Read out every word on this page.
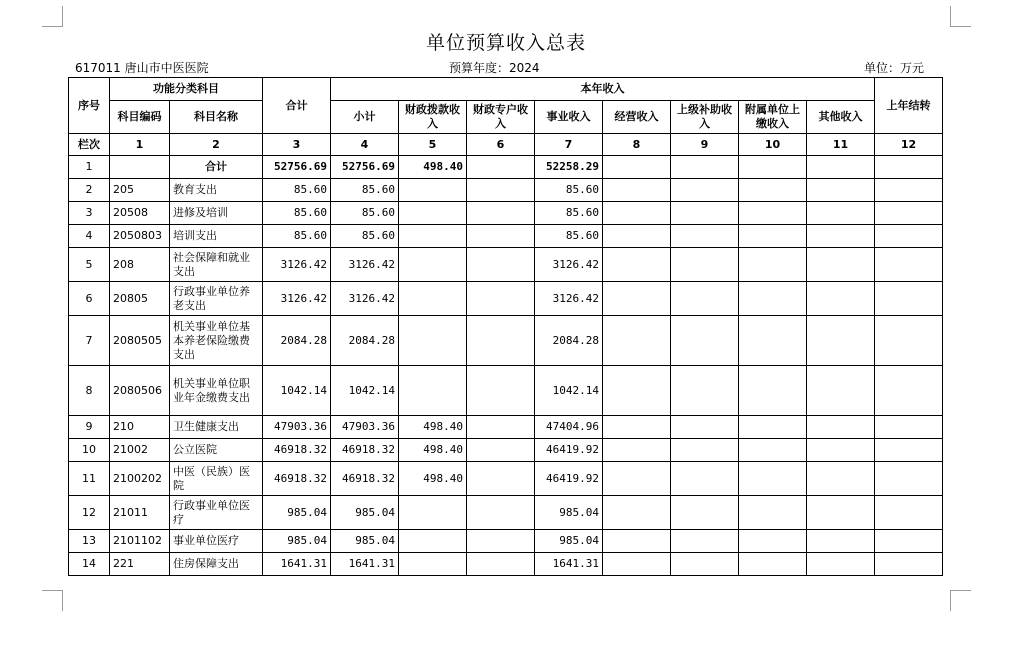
单位预算收入总表
617011 唐山市中医医院	预算年度：2024	单位：万元
序号	功能分类科目		合计	本年收入								上年结转
	科目编码	科目名称		小计	财政拨款收入	财政专户收入	事业收入	经营收入	上级补助收入	附属单位上缴收入	其他收入	
栏次	1	2	3	4	5	6	7	8	9	10	11	12
1		合计	52756.69	52756.69	498.40		52258.29					
2	205	教育支出	85.60	85.60			85.60					
3	20508	进修及培训	85.60	85.60			85.60					
4	2050803	培训支出	85.60	85.60			85.60					
5	208	社会保障和就业支出	3126.42	3126.42			3126.42					
6	20805	行政事业单位养老支出	3126.42	3126.42			3126.42					
7	2080505	机关事业单位基本养老保险缴费支出	2084.28	2084.28			2084.28					
8	2080506	机关事业单位职业年金缴费支出	1042.14	1042.14			1042.14					
9	210	卫生健康支出	47903.36	47903.36	498.40		47404.96					
10	21002	公立医院	46918.32	46918.32	498.40		46419.92					
11	2100202	中医（民族）医院	46918.32	46918.32	498.40		46419.92					
12	21011	行政事业单位医疗	985.04	985.04			985.04					
13	2101102	事业单位医疗	985.04	985.04			985.04					
14	221	住房保障支出	1641.31	1641.31			1641.31					
